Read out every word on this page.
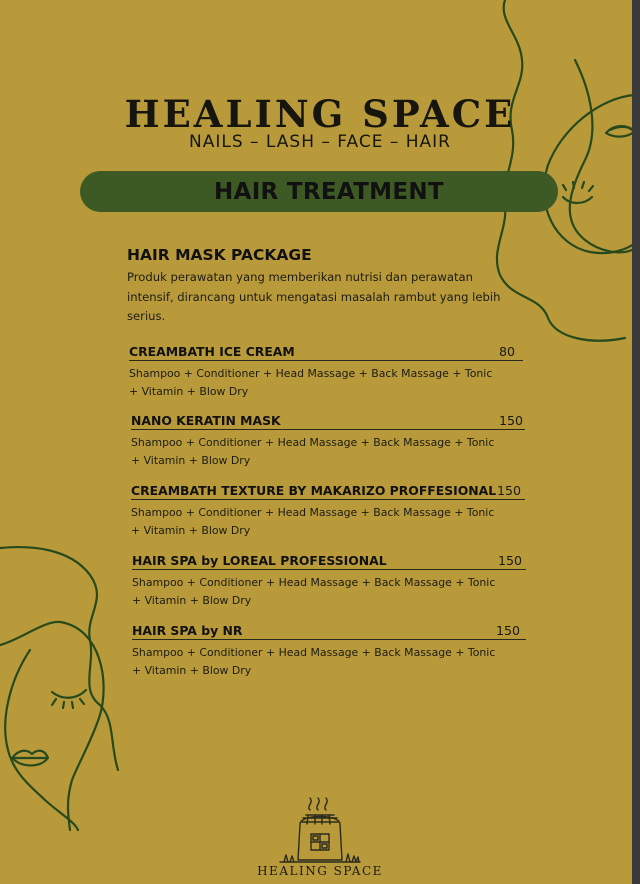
HEALING SPACE
NAILS – LASH – FACE – HAIR
HAIR TREATMENT
HAIR MASK PACKAGE
Produk perawatan yang memberikan nutrisi dan perawatan intensif, dirancang untuk mengatasi masalah rambut yang lebih serius.
CREAMBATH ICE CREAM	80
Shampoo + Conditioner + Head Massage + Back Massage + Tonic + Vitamin + Blow Dry
NANO KERATIN MASK	150
Shampoo + Conditioner + Head Massage + Back Massage + Tonic + Vitamin + Blow Dry
CREAMBATH TEXTURE BY MAKARIZO PROFFESIONAL 150
Shampoo + Conditioner + Head Massage + Back Massage + Tonic + Vitamin + Blow Dry
HAIR SPA by LOREAL PROFESSIONAL	150
Shampoo + Conditioner + Head Massage + Back Massage + Tonic + Vitamin + Blow Dry
HAIR SPA by NR	150
Shampoo + Conditioner + Head Massage + Back Massage + Tonic + Vitamin + Blow Dry
HEALING SPACE
